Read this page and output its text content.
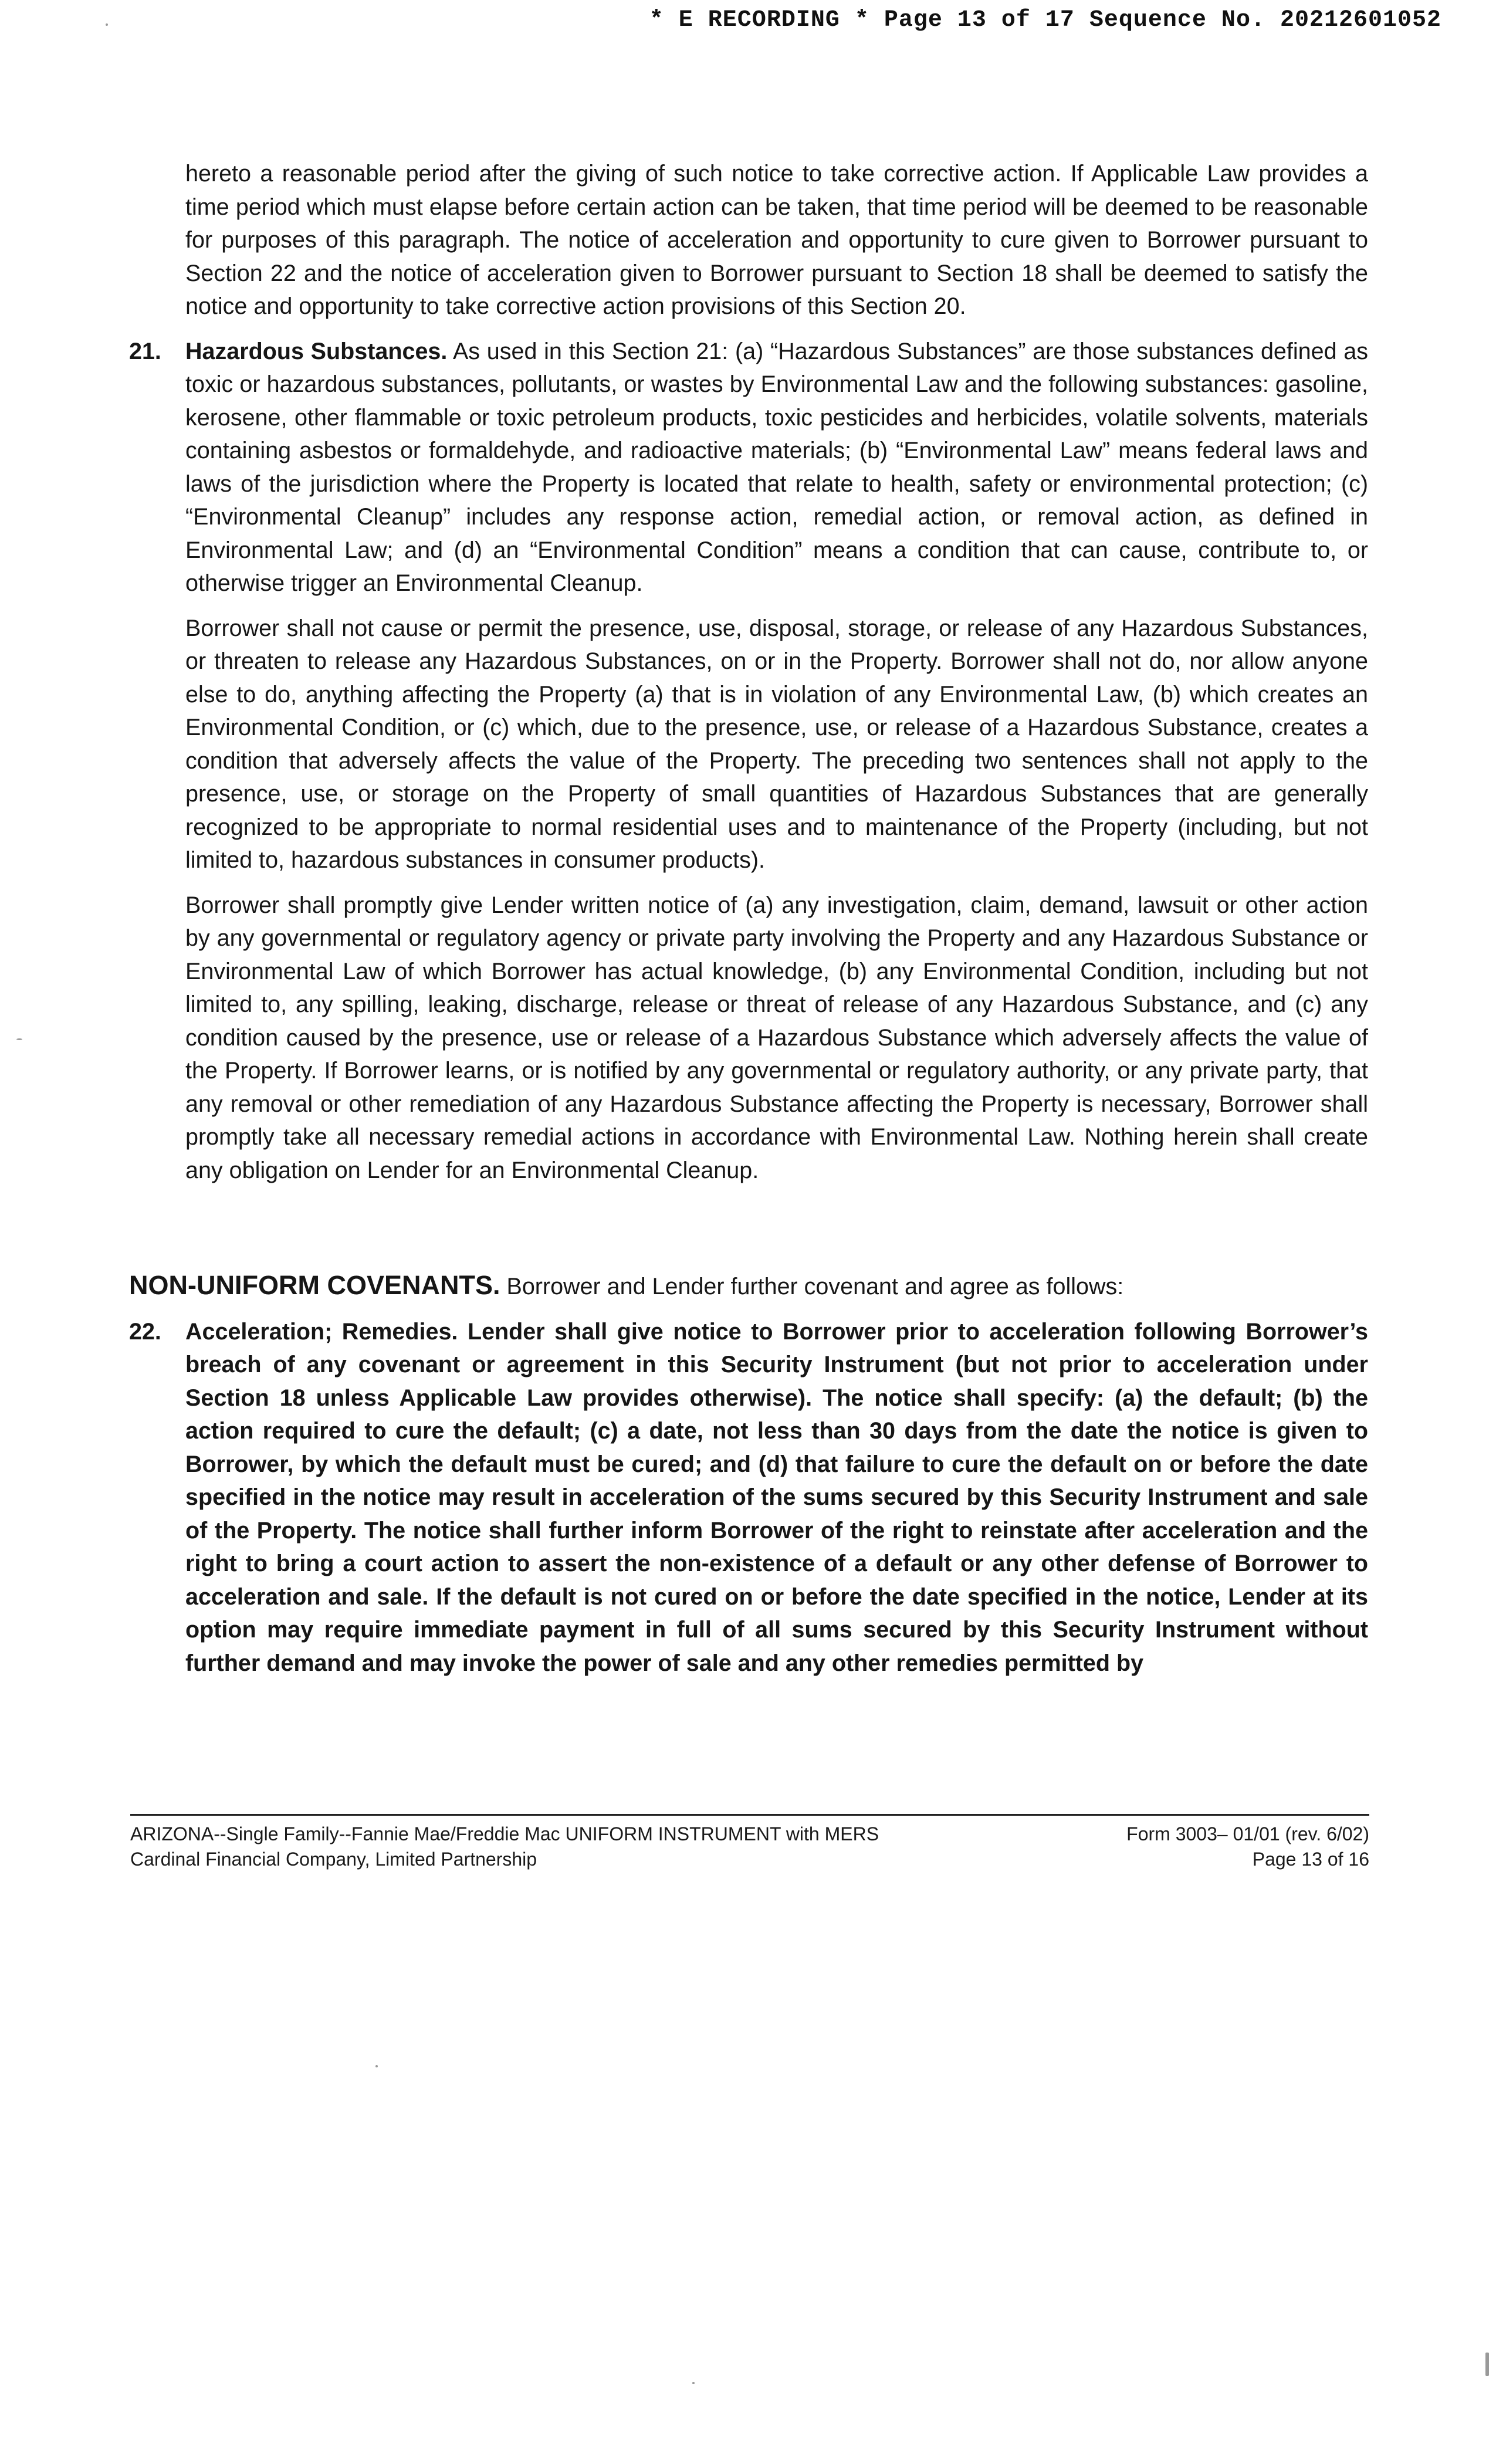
* E RECORDING * Page 13 of 17 Sequence No. 20212601052

hereto a reasonable period after the giving of such notice to take corrective action. If Applicable Law provides a time period which must elapse before certain action can be taken, that time period will be deemed to be reasonable for purposes of this paragraph. The notice of acceleration and opportunity to cure given to Borrower pursuant to Section 22 and the notice of acceleration given to Borrower pursuant to Section 18 shall be deemed to satisfy the notice and opportunity to take corrective action provisions of this Section 20.

21. Hazardous Substances. As used in this Section 21: (a) “Hazardous Substances” are those substances defined as toxic or hazardous substances, pollutants, or wastes by Environmental Law and the following substances: gasoline, kerosene, other flammable or toxic petroleum products, toxic pesticides and herbicides, volatile solvents, materials containing asbestos or formaldehyde, and radioactive materials; (b) “Environmental Law” means federal laws and laws of the jurisdiction where the Property is located that relate to health, safety or environmental protection; (c) “Environmental Cleanup” includes any response action, remedial action, or removal action, as defined in Environmental Law; and (d) an “Environmental Condition” means a condition that can cause, contribute to, or otherwise trigger an Environmental Cleanup.

Borrower shall not cause or permit the presence, use, disposal, storage, or release of any Hazardous Substances, or threaten to release any Hazardous Substances, on or in the Property. Borrower shall not do, nor allow anyone else to do, anything affecting the Property (a) that is in violation of any Environmental Law, (b) which creates an Environmental Condition, or (c) which, due to the presence, use, or release of a Hazardous Substance, creates a condition that adversely affects the value of the Property. The preceding two sentences shall not apply to the presence, use, or storage on the Property of small quantities of Hazardous Substances that are generally recognized to be appropriate to normal residential uses and to maintenance of the Property (including, but not limited to, hazardous substances in consumer products).

Borrower shall promptly give Lender written notice of (a) any investigation, claim, demand, lawsuit or other action by any governmental or regulatory agency or private party involving the Property and any Hazardous Substance or Environmental Law of which Borrower has actual knowledge, (b) any Environmental Condition, including but not limited to, any spilling, leaking, discharge, release or threat of release of any Hazardous Substance, and (c) any condition caused by the presence, use or release of a Hazardous Substance which adversely affects the value of the Property. If Borrower learns, or is notified by any governmental or regulatory authority, or any private party, that any removal or other remediation of any Hazardous Substance affecting the Property is necessary, Borrower shall promptly take all necessary remedial actions in accordance with Environmental Law. Nothing herein shall create any obligation on Lender for an Environmental Cleanup.

NON-UNIFORM COVENANTS. Borrower and Lender further covenant and agree as follows:

22. Acceleration; Remedies. Lender shall give notice to Borrower prior to acceleration following Borrower’s breach of any covenant or agreement in this Security Instrument (but not prior to acceleration under Section 18 unless Applicable Law provides otherwise). The notice shall specify: (a) the default; (b) the action required to cure the default; (c) a date, not less than 30 days from the date the notice is given to Borrower, by which the default must be cured; and (d) that failure to cure the default on or before the date specified in the notice may result in acceleration of the sums secured by this Security Instrument and sale of the Property. The notice shall further inform Borrower of the right to reinstate after acceleration and the right to bring a court action to assert the non-existence of a default or any other defense of Borrower to acceleration and sale. If the default is not cured on or before the date specified in the notice, Lender at its option may require immediate payment in full of all sums secured by this Security Instrument without further demand and may invoke the power of sale and any other remedies permitted by

ARIZONA--Single Family--Fannie Mae/Freddie Mac UNIFORM INSTRUMENT with MERS	Form 3003– 01/01 (rev. 6/02)
Cardinal Financial Company, Limited Partnership	Page 13 of 16
